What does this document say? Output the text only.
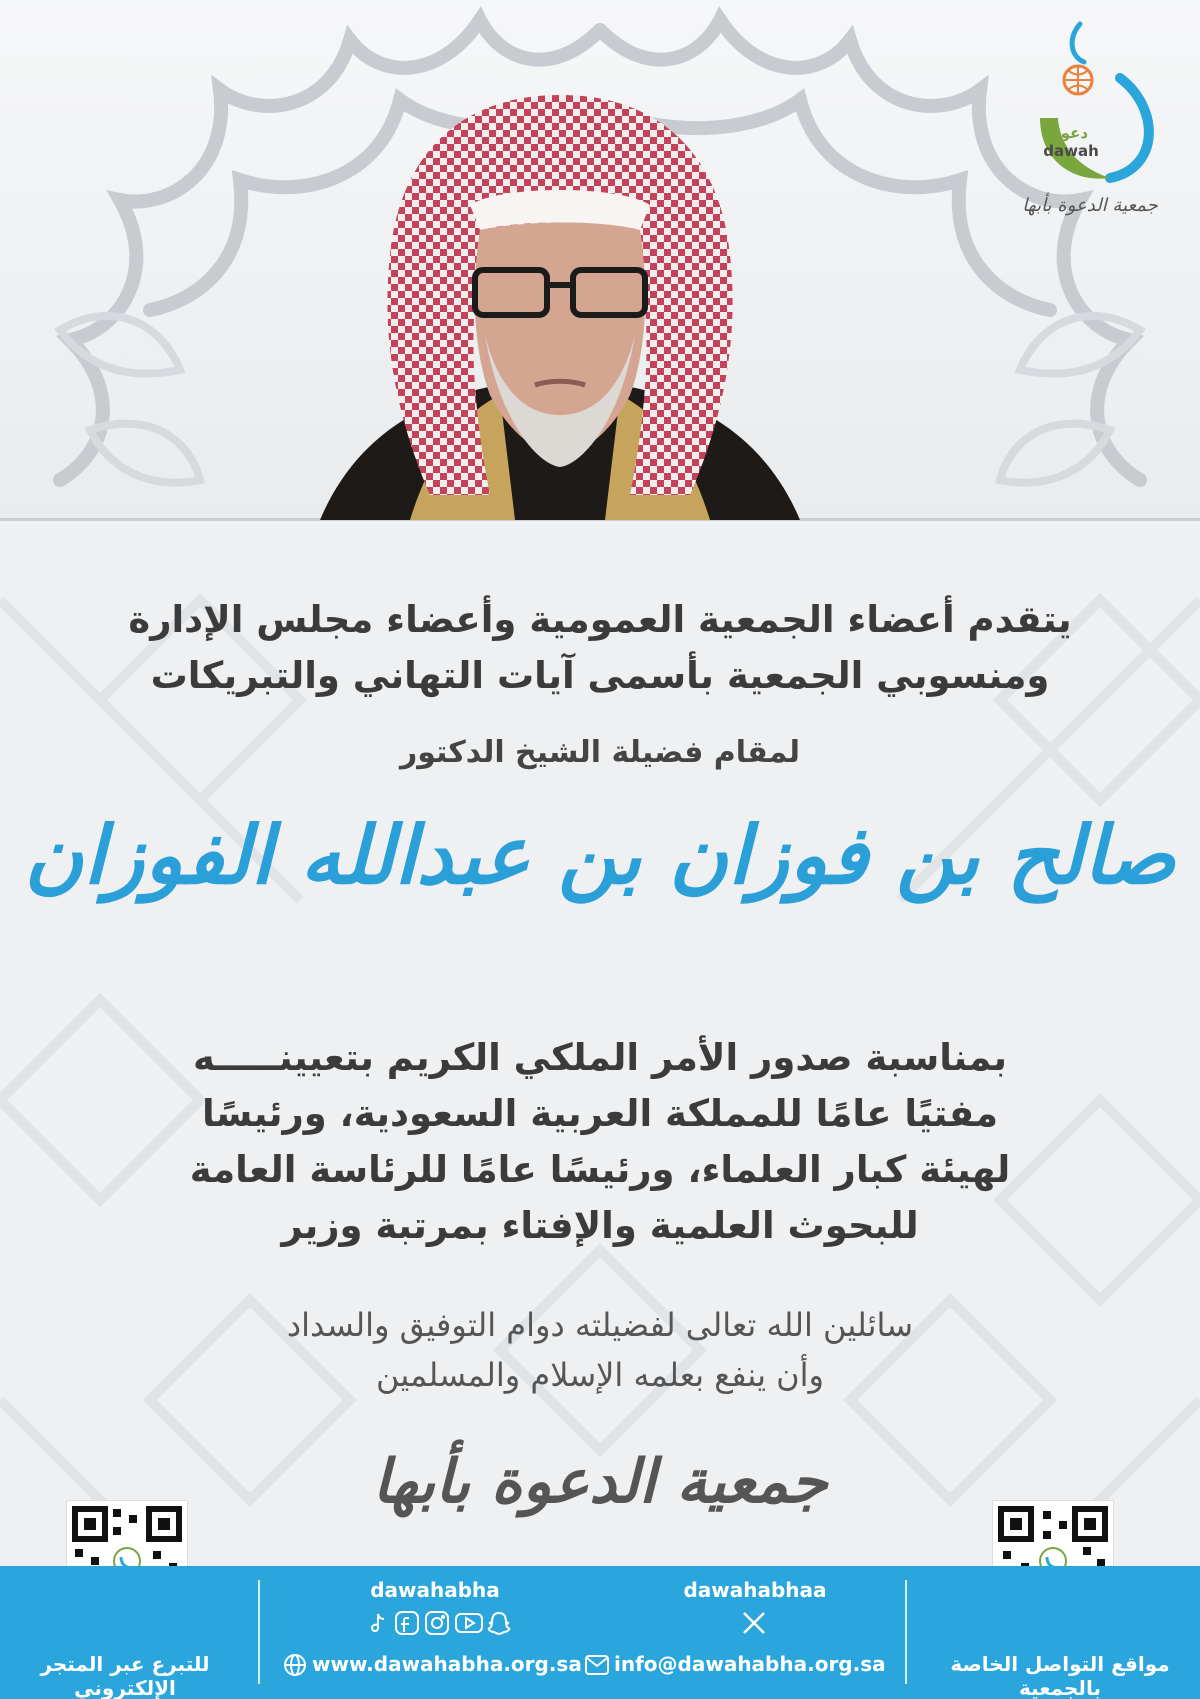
دعوة
dawah
جمعية الدعوة بأبها
يتقدم أعضاء الجمعية العمومية وأعضاء مجلس الإدارة
ومنسوبي الجمعية بأسمى آيات التهاني والتبريكات
لمقام فضيلة الشيخ الدكتور
صالح بن فوزان بن عبدالله الفوزان
بمناسبة صدور الأمر الملكي الكريم بتعيينـــــه
مفتيًا عامًا للمملكة العربية السعودية، ورئيسًا
لهيئة كبار العلماء، ورئيسًا عامًا للرئاسة العامة
للبحوث العلمية والإفتاء بمرتبة وزير
سائلين الله تعالى لفضيلته دوام التوفيق والسداد
وأن ينفع بعلمه الإسلام والمسلمين
جمعية الدعوة بأبها
dawahabha	dawahabhaa
www.dawahabha.org.sa	info@dawahabha.org.sa
للتبرع عبر المتجر الإلكتروني
مواقع التواصل الخاصة بالجمعية
